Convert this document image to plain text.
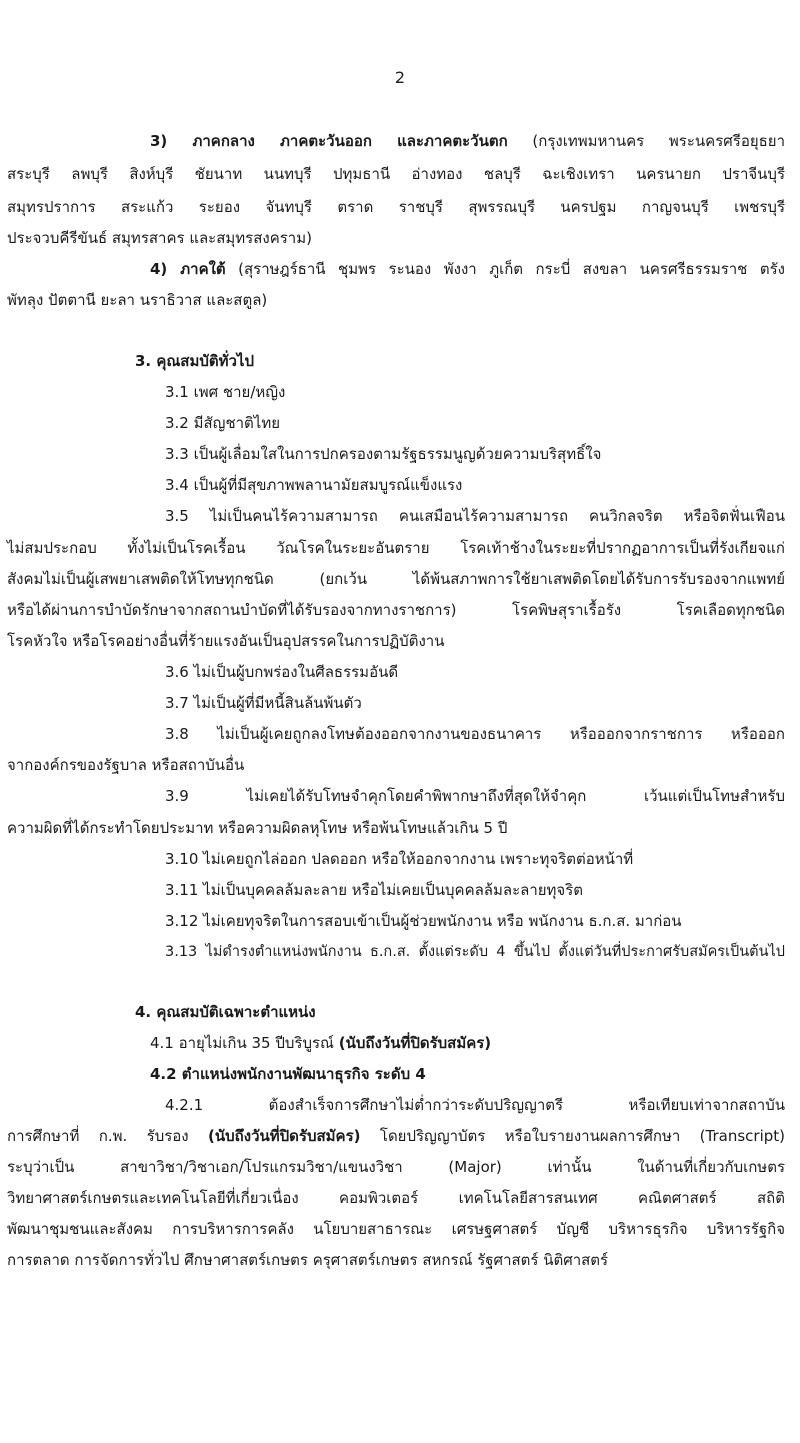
2
3) ภาคกลาง ภาคตะวันออก และภาคตะวันตก (กรุงเทพมหานคร พระนครศรีอยุธยา
สระบุรี ลพบุรี สิงห์บุรี ชัยนาท นนทบุรี ปทุมธานี อ่างทอง ชลบุรี ฉะเชิงเทรา นครนายก ปราจีนบุรี
สมุทรปราการ สระแก้ว ระยอง จันทบุรี ตราด ราชบุรี สุพรรณบุรี นครปฐม กาญจนบุรี เพชรบุรี
ประจวบคีรีขันธ์ สมุทรสาคร และสมุทรสงคราม)
4) ภาคใต้ (สุราษฎร์ธานี ชุมพร ระนอง พังงา ภูเก็ต กระบี่ สงขลา นครศรีธรรมราช ตรัง
พัทลุง ปัตตานี ยะลา นราธิวาส และสตูล)
3. คุณสมบัติทั่วไป
3.1 เพศ ชาย/หญิง
3.2 มีสัญชาติไทย
3.3 เป็นผู้เลื่อมใสในการปกครองตามรัฐธรรมนูญด้วยความบริสุทธิ์ใจ
3.4 เป็นผู้ที่มีสุขภาพพลานามัยสมบูรณ์แข็งแรง
3.5 ไม่เป็นคนไร้ความสามารถ คนเสมือนไร้ความสามารถ คนวิกลจริต หรือจิตฟั่นเฟือน
ไม่สมประกอบ ทั้งไม่เป็นโรคเรื้อน วัณโรคในระยะอันตราย โรคเท้าช้างในระยะที่ปรากฏอาการเป็นที่รังเกียจแก่
สังคมไม่เป็นผู้เสพยาเสพติดให้โทษทุกชนิด (ยกเว้น ได้พ้นสภาพการใช้ยาเสพติดโดยได้รับการรับรองจากแพทย์
หรือได้ผ่านการบำบัดรักษาจากสถานบำบัดที่ได้รับรองจากทางราชการ) โรคพิษสุราเรื้อรัง โรคเลือดทุกชนิด
โรคหัวใจ หรือโรคอย่างอื่นที่ร้ายแรงอันเป็นอุปสรรคในการปฏิบัติงาน
3.6 ไม่เป็นผู้บกพร่องในศีลธรรมอันดี
3.7 ไม่เป็นผู้ที่มีหนี้สินล้นพ้นตัว
3.8 ไม่เป็นผู้เคยถูกลงโทษต้องออกจากงานของธนาคาร หรือออกจากราชการ หรือออก
จากองค์กรของรัฐบาล หรือสถาบันอื่น
3.9 ไม่เคยได้รับโทษจำคุกโดยคำพิพากษาถึงที่สุดให้จำคุก เว้นแต่เป็นโทษสำหรับ
ความผิดที่ได้กระทำโดยประมาท หรือความผิดลหุโทษ หรือพ้นโทษแล้วเกิน 5 ปี
3.10 ไม่เคยถูกไล่ออก ปลดออก หรือให้ออกจากงาน เพราะทุจริตต่อหน้าที่
3.11 ไม่เป็นบุคคลล้มละลาย หรือไม่เคยเป็นบุคคลล้มละลายทุจริต
3.12 ไม่เคยทุจริตในการสอบเข้าเป็นผู้ช่วยพนักงาน หรือ พนักงาน ธ.ก.ส. มาก่อน
3.13 ไม่ดำรงตำแหน่งพนักงาน ธ.ก.ส. ตั้งแต่ระดับ 4 ขึ้นไป ตั้งแต่วันที่ประกาศรับสมัครเป็นต้นไป
4. คุณสมบัติเฉพาะตำแหน่ง
4.1 อายุไม่เกิน 35 ปีบริบูรณ์ (นับถึงวันที่ปิดรับสมัคร)
4.2 ตำแหน่งพนักงานพัฒนาธุรกิจ ระดับ 4
4.2.1 ต้องสำเร็จการศึกษาไม่ต่ำกว่าระดับปริญญาตรี หรือเทียบเท่าจากสถาบัน
การศึกษาที่ ก.พ. รับรอง (นับถึงวันที่ปิดรับสมัคร) โดยปริญญาบัตร หรือใบรายงานผลการศึกษา (Transcript)
ระบุว่าเป็น สาขาวิชา/วิชาเอก/โปรแกรมวิชา/แขนงวิชา (Major) เท่านั้น ในด้านที่เกี่ยวกับเกษตร
วิทยาศาสตร์เกษตรและเทคโนโลยีที่เกี่ยวเนื่อง คอมพิวเตอร์ เทคโนโลยีสารสนเทศ คณิตศาสตร์ สถิติ
พัฒนาชุมชนและสังคม การบริหารการคลัง นโยบายสาธารณะ เศรษฐศาสตร์ บัญชี บริหารธุรกิจ บริหารรัฐกิจ
การตลาด การจัดการทั่วไป ศึกษาศาสตร์เกษตร ครุศาสตร์เกษตร สหกรณ์ รัฐศาสตร์ นิติศาสตร์
